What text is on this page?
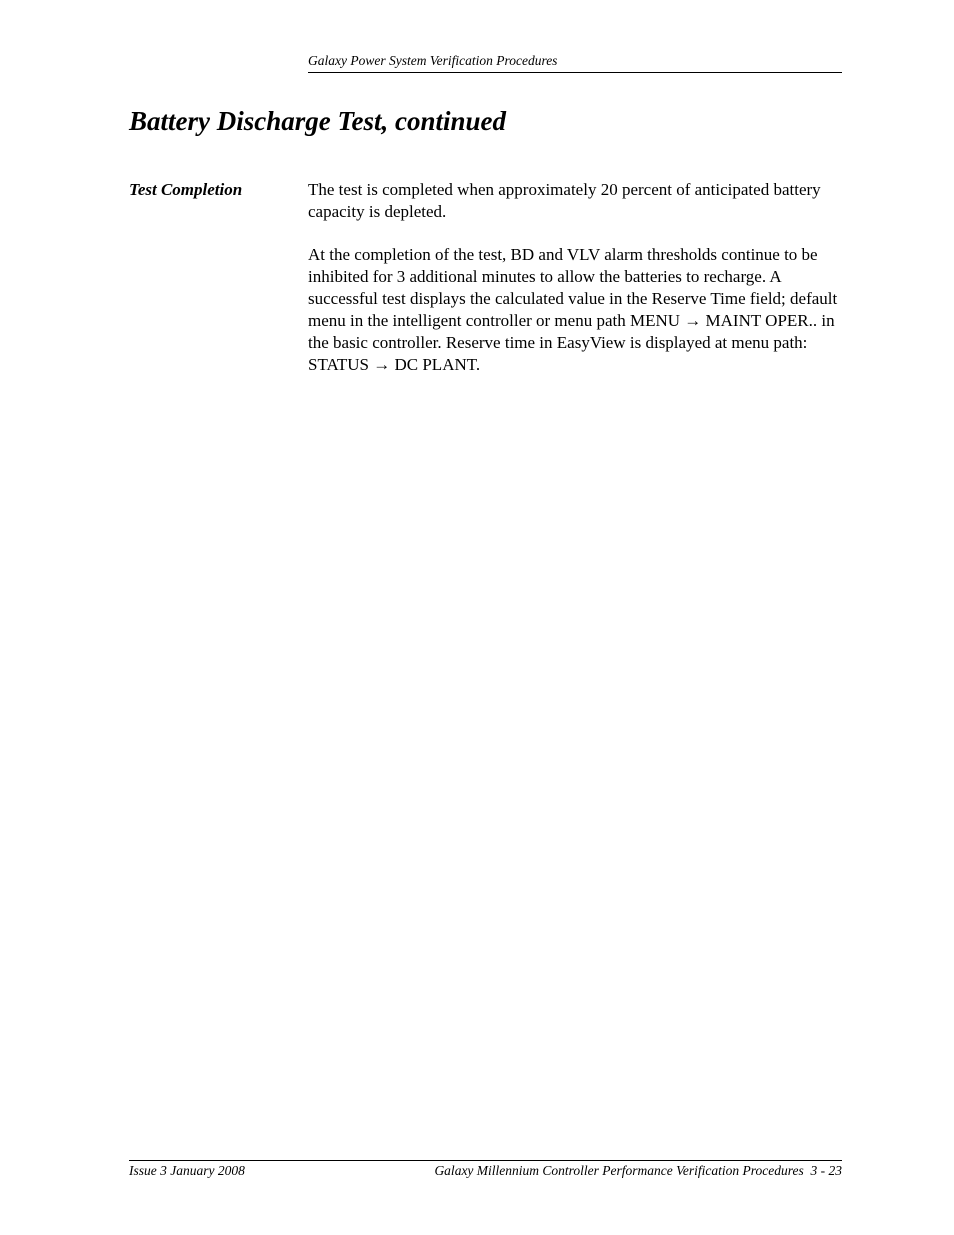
Galaxy Power System Verification Procedures
Battery Discharge Test, continued
Test Completion	The test is completed when approximately 20 percent of anticipated battery capacity is depleted.

At the completion of the test, BD and VLV alarm thresholds continue to be inhibited for 3 additional minutes to allow the batteries to recharge. A successful test displays the calculated value in the Reserve Time field; default menu in the intelligent controller or menu path MENU → MAINT OPER.. in the basic controller. Reserve time in EasyView is displayed at menu path: STATUS → DC PLANT.

Issue 3 January 2008	Galaxy Millennium Controller Performance Verification Procedures 3 - 23
